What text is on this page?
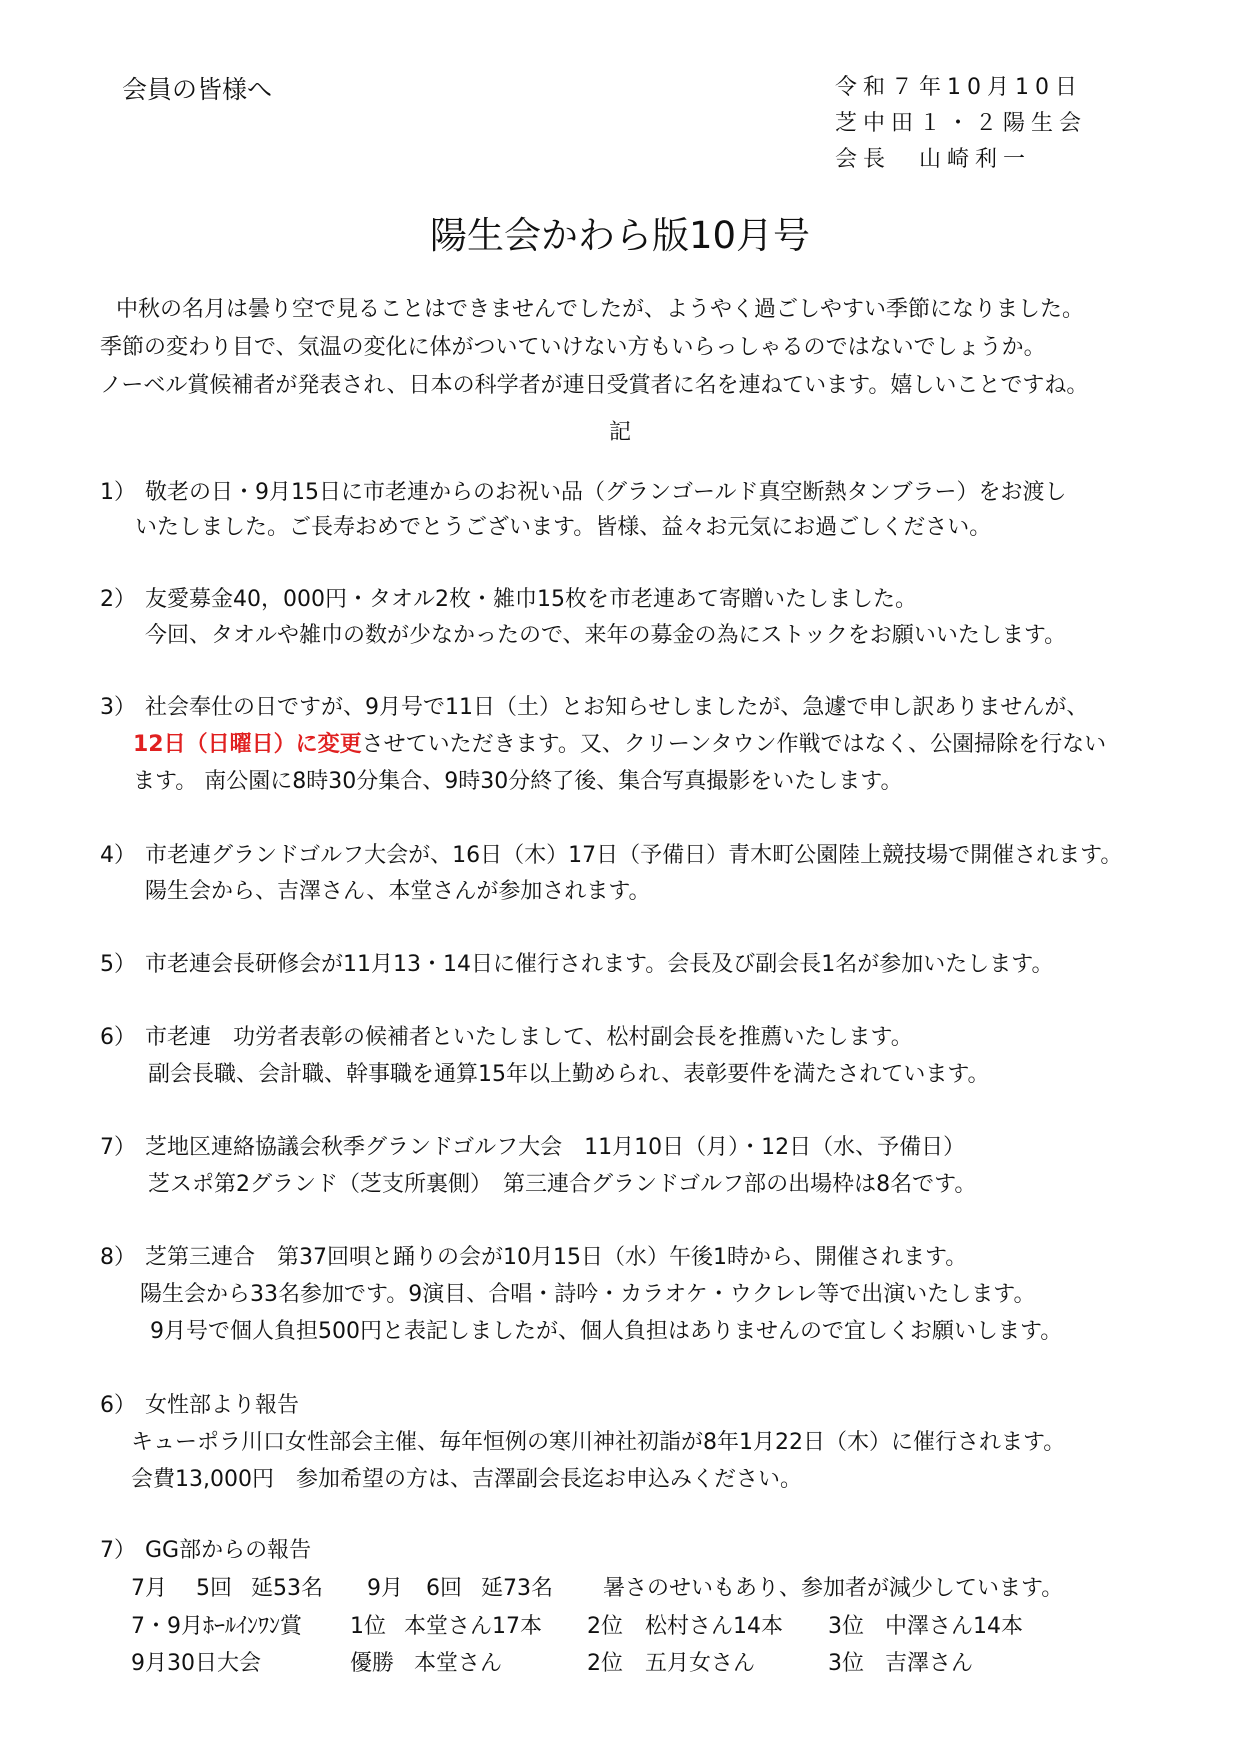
会員の皆様へ	令和７年10月10日
芝中田１・２陽生会
会長　山崎利一
陽生会かわら版10月号
中秋の名月は曇り空で見ることはできませんでしたが、ようやく過ごしやすい季節になりました。
季節の変わり目で、気温の変化に体がついていけない方もいらっしゃるのではないでしょうか。
ノーベル賞候補者が発表され、日本の科学者が連日受賞者に名を連ねています。嬉しいことですね。
記
1） 敬老の日・9月15日に市老連からのお祝い品（グランゴールド真空断熱タンブラー）をお渡し
いたしました。ご長寿おめでとうございます。皆様、益々お元気にお過ごしください。
2） 友愛募金40，000円・タオル2枚・雑巾15枚を市老連あて寄贈いたしました。
今回、タオルや雑巾の数が少なかったので、来年の募金の為にストックをお願いいたします。
3） 社会奉仕の日ですが、9月号で11日（土）とお知らせしましたが、急遽で申し訳ありませんが、
12日（日曜日）に変更させていただきます。又、クリーンタウン作戦ではなく、公園掃除を行ない
ます。 南公園に8時30分集合、9時30分終了後、集合写真撮影をいたします。
4） 市老連グランドゴルフ大会が、16日（木）17日（予備日）青木町公園陸上競技場で開催されます。
陽生会から、吉澤さん、本堂さんが参加されます。
5） 市老連会長研修会が11月13・14日に催行されます。会長及び副会長1名が参加いたします。
6） 市老連　功労者表彰の候補者といたしまして、松村副会長を推薦いたします。
副会長職、会計職、幹事職を通算15年以上勤められ、表彰要件を満たされています。
7） 芝地区連絡協議会秋季グランドゴルフ大会　11月10日（月）・12日（水、予備日）
芝スポ第2グランド（芝支所裏側）　第三連合グランドゴルフ部の出場枠は8名です。
8） 芝第三連合　第37回唄と踊りの会が10月15日（水）午後1時から、開催されます。
陽生会から33名参加です。9演目、合唱・詩吟・カラオケ・ウクレレ等で出演いたします。
9月号で個人負担500円と表記しましたが、個人負担はありませんので宜しくお願いします。
6） 女性部より報告
キューポラ川口女性部会主催、毎年恒例の寒川神社初詣が8年1月22日（木）に催行されます。
会費13,000円　参加希望の方は、吉澤副会長迄お申込みください。
7） GG部からの報告
7月 5回 延53名 9月 6回 延73名 暑さのせいもあり、参加者が減少しています。
7・9月ﾎｰﾙｲﾝﾜﾝ賞 1位 本堂さん17本 2位 松村さん14本 3位 中澤さん14本
9月30日大会	優勝 本堂さん	2位 五月女さん	3位 吉澤さん
